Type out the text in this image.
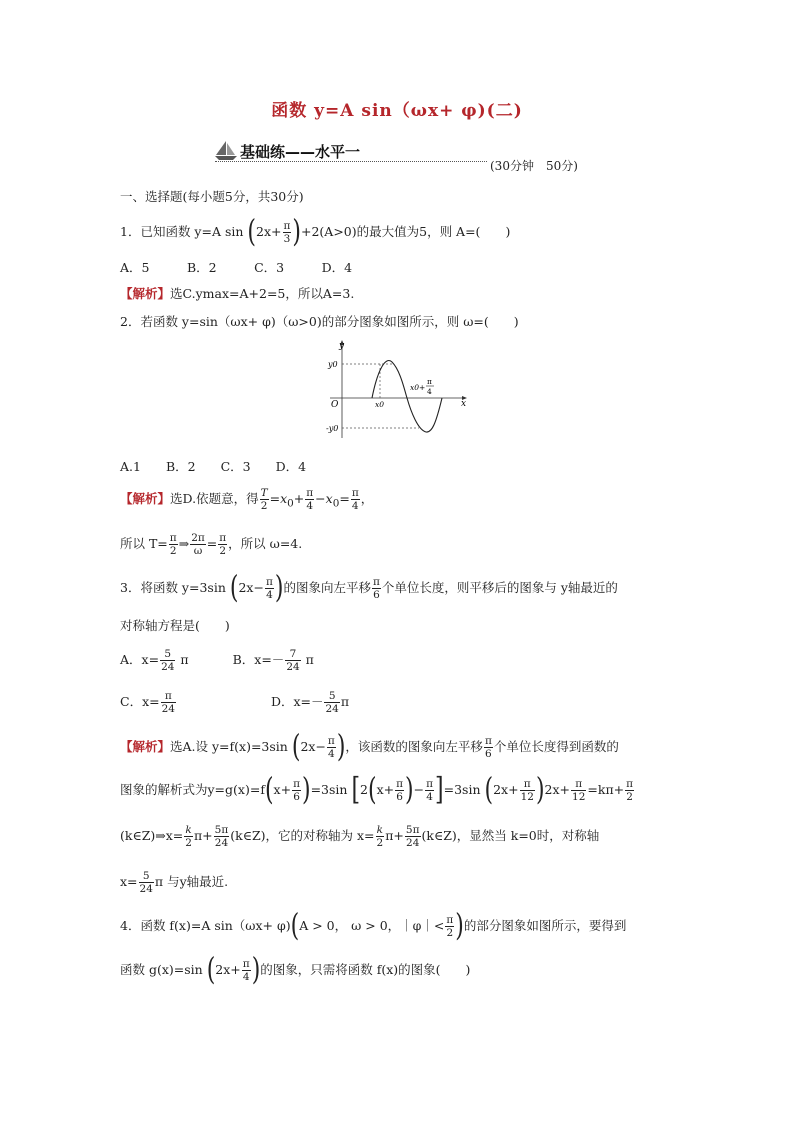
函数 y=A sin（ωx+ φ)(二)
基础练——水平一
(30分钟　50分)
一、选择题(每小题5分，共30分)
1．已知函数 y=A $\sin (2x+ \frac{\pi}{3} )+2(A>0)$的最大值为5，则 A=(　　)
A．5　　　B．2　　　C．3　　　D．4
【解析】选C.ymax=A+2=5，所以A=3.
2．若函数 y=sin（ωx+ φ)（ω>0)的部分图象如图所示，则 ω=(　　)
y
x
O
y0
-y0
x0
x0+
π
4
A.1　　B．2　　C．3　　D．4
【解析】选D.依题意，得 $\frac{T}{2} =x_0+ \frac{\pi}{4} -x_0= \frac{\pi}{4}$ ，
所以 $T= \frac{\pi}{2}$ ⇒ $\frac{2\pi}{\omega} = \frac{\pi}{2}$ ，所以 ω=4.
3．将函数 y=3sin ($2x- \frac{\pi}{4}$ )的图象向左平移 $\frac{\pi}{6}$ 个单位长度，则平移后的图象与 y轴最近的
对称轴方程是(　　)
A．$x= \frac{5}{24}$ π	B．$x=- \frac{7}{24}$ π
C．$x= \frac{\pi}{24}$	D．$x=- \frac{5}{24}$ π
【解析】选A.设 y=f(x)=3sin ($2x- \frac{\pi}{4}$ )，该函数的图象向左平移 $\frac{\pi}{6}$ 个单位长度得到函数的
图象的解析式为$y=g(x)=f(x+ \frac{\pi}{6} )=3\sin$ [$2(x+ \frac{\pi}{6}$ )− $\frac{\pi}{4} ]=3\sin$ $(2x+ \frac{\pi}{12} )2x+ \frac{\pi}{12} =k\pi+ \frac{\pi}{2}$
(k∈Z)⇒x= $\frac{k}{2} \pi+ \frac{5\pi}{24}$ (k∈Z)，它的对称轴为 $x= \frac{k}{2} \pi+ \frac{5\pi}{24}$ (k∈Z)，显然当 k=0时，对称轴
$x= \frac{5}{24}$ π 与y轴最近.
4．函数 f(x)=A sin（ωx+ φ)(A > 0， ω > 0，｜φ｜< $\frac{\pi}{2}$ )的部分图象如图所示，要得到
函数 g(x)=sin ($2x+ \frac{\pi}{4}$ )的图象，只需将函数 f(x)的图象(　　)
